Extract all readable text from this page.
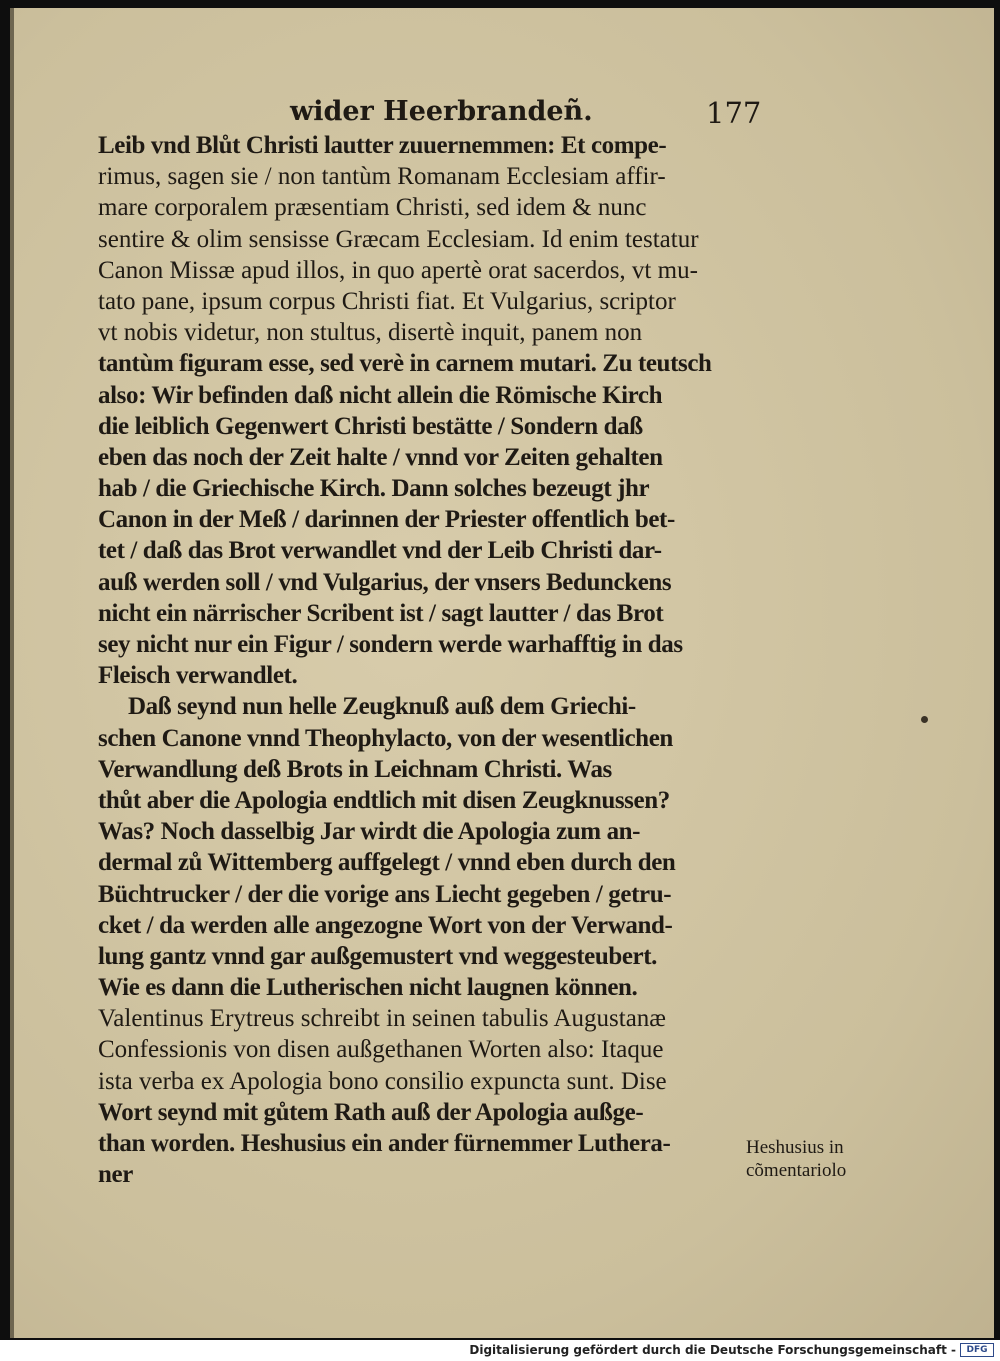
wider Heerbrandeñ.	177
Leib vnd Blůt Christi lautter zuuernemmen: Et compe-
rimus, sagen sie / non tantùm Romanam Ecclesiam affir-
mare corporalem præsentiam Christi, sed idem & nunc
sentire & olim sensisse Græcam Ecclesiam. Id enim testatur
Canon Missæ apud illos, in quo apertè orat sacerdos, vt mu-
tato pane, ipsum corpus Christi fiat. Et Vulgarius, scriptor
vt nobis videtur, non stultus, disertè inquit, panem non
tantùm figuram esse, sed verè in carnem mutari. Zu teutsch
also: Wir befinden daß nicht allein die Römische Kirch
die leiblich Gegenwert Christi bestätte / Sondern daß
eben das noch der Zeit halte / vnnd vor Zeiten gehalten
hab / die Griechische Kirch. Dann solches bezeugt jhr
Canon in der Meß / darinnen der Priester offentlich bet-
tet / daß das Brot verwandlet vnd der Leib Christi dar-
auß werden soll / vnd Vulgarius, der vnsers Bedunckens
nicht ein närrischer Scribent ist / sagt lautter / das Brot
sey nicht nur ein Figur / sondern werde warhafftig in das
Fleisch verwandlet.
Daß seynd nun helle Zeugknuß auß dem Griechi-
schen Canone vnnd Theophylacto, von der wesentlichen
Verwandlung deß Brots in Leichnam Christi. Was
thůt aber die Apologia endtlich mit disen Zeugknussen?
Was? Noch dasselbig Jar wirdt die Apologia zum an-
dermal zů Wittemberg auffgelegt / vnnd eben durch den
Büchtrucker / der die vorige ans Liecht gegeben / getru-
cket / da werden alle angezogne Wort von der Verwand-
lung gantz vnnd gar außgemustert vnd weggesteubert.
Wie es dann die Lutherischen nicht laugnen können.
Valentinus Erytreus schreibt in seinen tabulis Augustanæ
Confessionis von disen außgethanen Worten also: Itaque
ista verba ex Apologia bono consilio expuncta sunt. Dise
Wort seynd mit gůtem Rath auß der Apologia außge-
than worden. Heshusius ein ander fürnemmer Luthera-
ner
Heshusius in
cõmentariolo
Digitalisierung gefördert durch die Deutsche Forschungsgemeinschaft -	DFG
